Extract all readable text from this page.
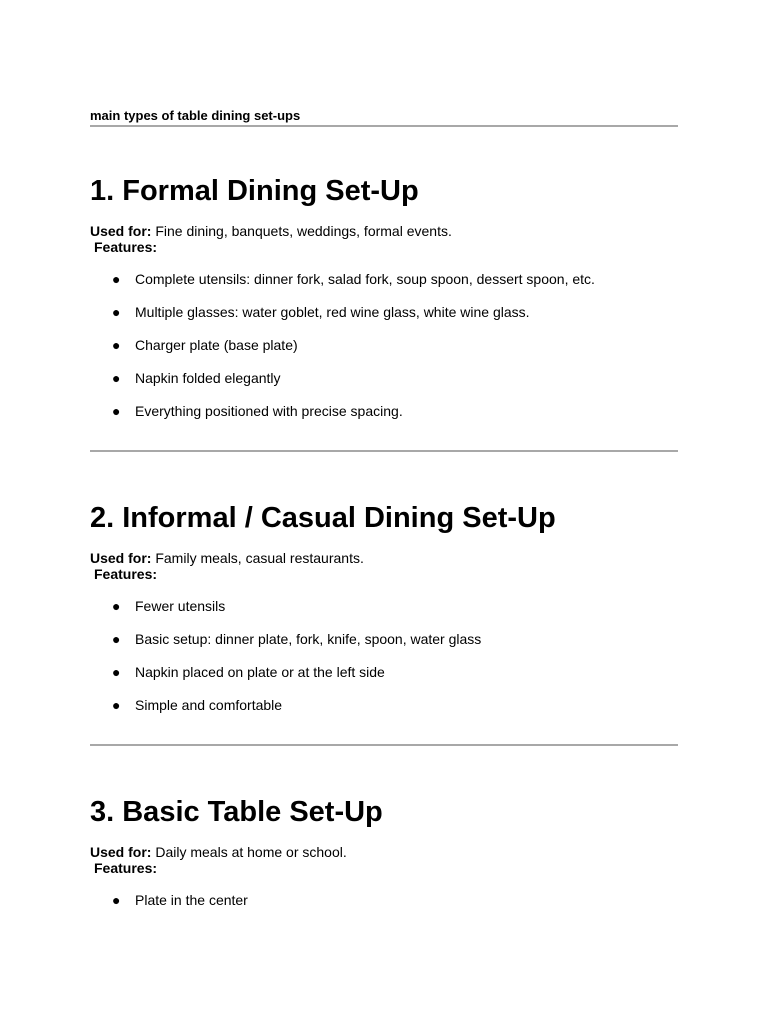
main types of table dining set-ups
1. Formal Dining Set-Up
Used for: Fine dining, banquets, weddings, formal events.
Features:
● Complete utensils: dinner fork, salad fork, soup spoon, dessert spoon, etc.
● Multiple glasses: water goblet, red wine glass, white wine glass.
● Charger plate (base plate)
● Napkin folded elegantly
● Everything positioned with precise spacing.
2. Informal / Casual Dining Set-Up
Used for: Family meals, casual restaurants.
Features:
● Fewer utensils
● Basic setup: dinner plate, fork, knife, spoon, water glass
● Napkin placed on plate or at the left side
● Simple and comfortable
3. Basic Table Set-Up
Used for: Daily meals at home or school.
Features:
● Plate in the center
